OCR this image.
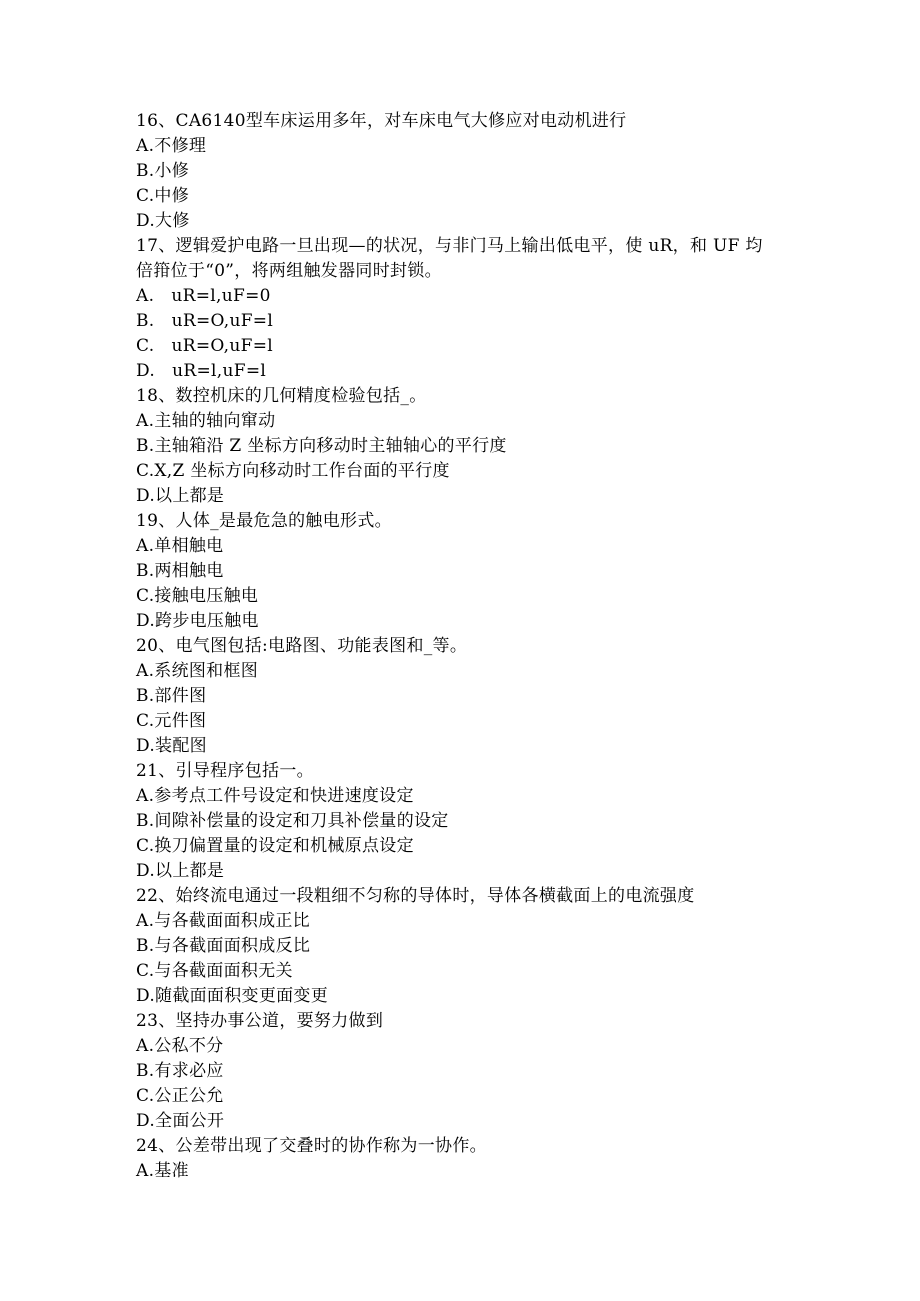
16、CA6140型车床运用多年，对车床电气大修应对电动机进行
A.不修理
B.小修
C.中修
D.大修
17、逻辑爱护电路一旦出现—的状况，与非门马上输出低电平，使 uR，和 UF 均倍箝位于“0”，将两组触发器同时封锁。
A.   uR=l,uF=0
B.   uR=O,uF=l
C.   uR=O,uF=l
D.   uR=l,uF=l
18、数控机床的几何精度检验包括_。
A.主轴的轴向窜动
B.主轴箱沿 Z 坐标方向移动时主轴轴心的平行度
C.X,Z 坐标方向移动时工作台面的平行度
D.以上都是
19、人体_是最危急的触电形式。
A.单相触电
B.两相触电
C.接触电压触电
D.跨步电压触电
20、电气图包括:电路图、功能表图和_等。
A.系统图和框图
B.部件图
C.元件图
D.装配图
21、引导程序包括一。
A.参考点工件号设定和快进速度设定
B.间隙补偿量的设定和刀具补偿量的设定
C.换刀偏置量的设定和机械原点设定
D.以上都是
22、始终流电通过一段粗细不匀称的导体时，导体各横截面上的电流强度
A.与各截面面积成正比
B.与各截面面积成反比
C.与各截面面积无关
D.随截面面积变更面变更
23、坚持办事公道，要努力做到
A.公私不分
B.有求必应
C.公正公允
D.全面公开
24、公差带出现了交叠时的协作称为一协作。
A.基准
